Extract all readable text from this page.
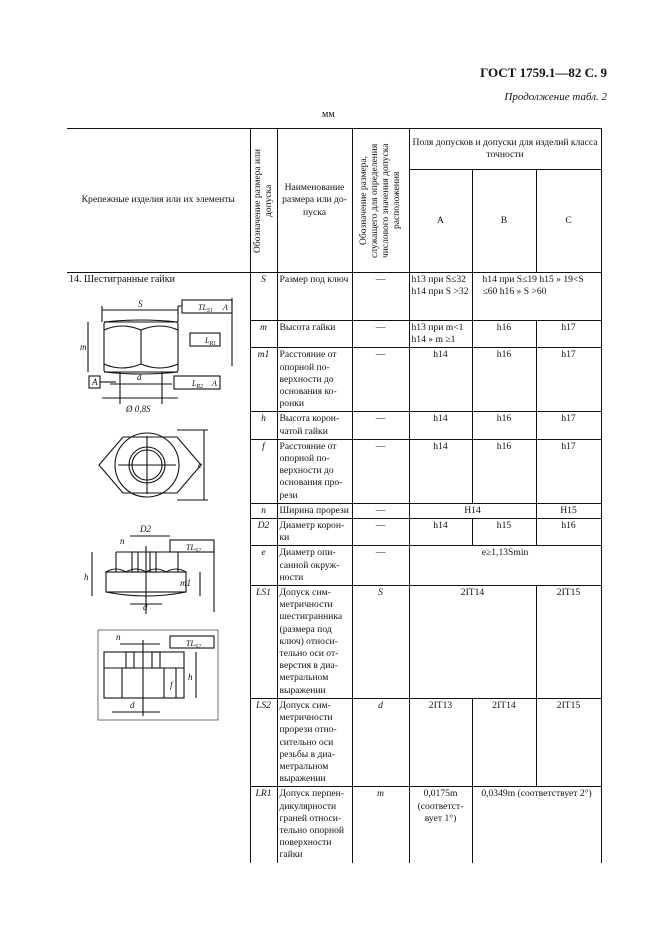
ГОСТ 1759.1—82 С. 9
Продолжение табл. 2
мм
Крепежные изделия или их элементы	Обозначение размера или допуска	Наименование размера или допуска	Обозначение размера, служащего для определения числового значения допуска расположения	Поля допусков и допуски для изделий класса точности		
				А	В	С
14. Шестигранные гайки	S	Размер под ключ	—	h13 при S≤32 h14 при S >32	h14 при S≤19 h15 » 19<S ≤60 h16 » S >60	
	m	Высота гайки	—	h13 при m<1 h14 » m ≥1	h16	h17
	m1	Расстояние от опорной поверхности до основания коронки	—	h14	h16	h17
	h	Высота корончатой гайки	—	h14	h16	h17
	f	Расстояние от опорной поверхности до основания прорези	—	h14	h16	h17
	n	Ширина прорези	—	H14		H15
	D2	Диаметр коронки	—	h14	h15	h16
	e	Диаметр описанной окружности	—	e≥1,13Smin		
	LS1	Допуск симметричности шестигранника (размера под ключ) относительно оси отверстия в диаметральном выражении	S	2IT14		2IT15
	LS2	Допуск симметричности прорези относительно оси резьбы в диаметральном выражении	d	2IT13	2IT14	2IT15
	LR1	Допуск перпендикулярности граней относительно опорной поверхности гайки	m	0,0175m (соответствует 1°)	0,0349m (соответствует 2°)	
S
m
d
Ø 0,8S
A
$TL_{S1}$ A
$L_{R1}$
$L_{R2}$ A
e
D2
n
$TL_{S2}$
h
m1
d
n
$TL_{S2}$
f
h
d
